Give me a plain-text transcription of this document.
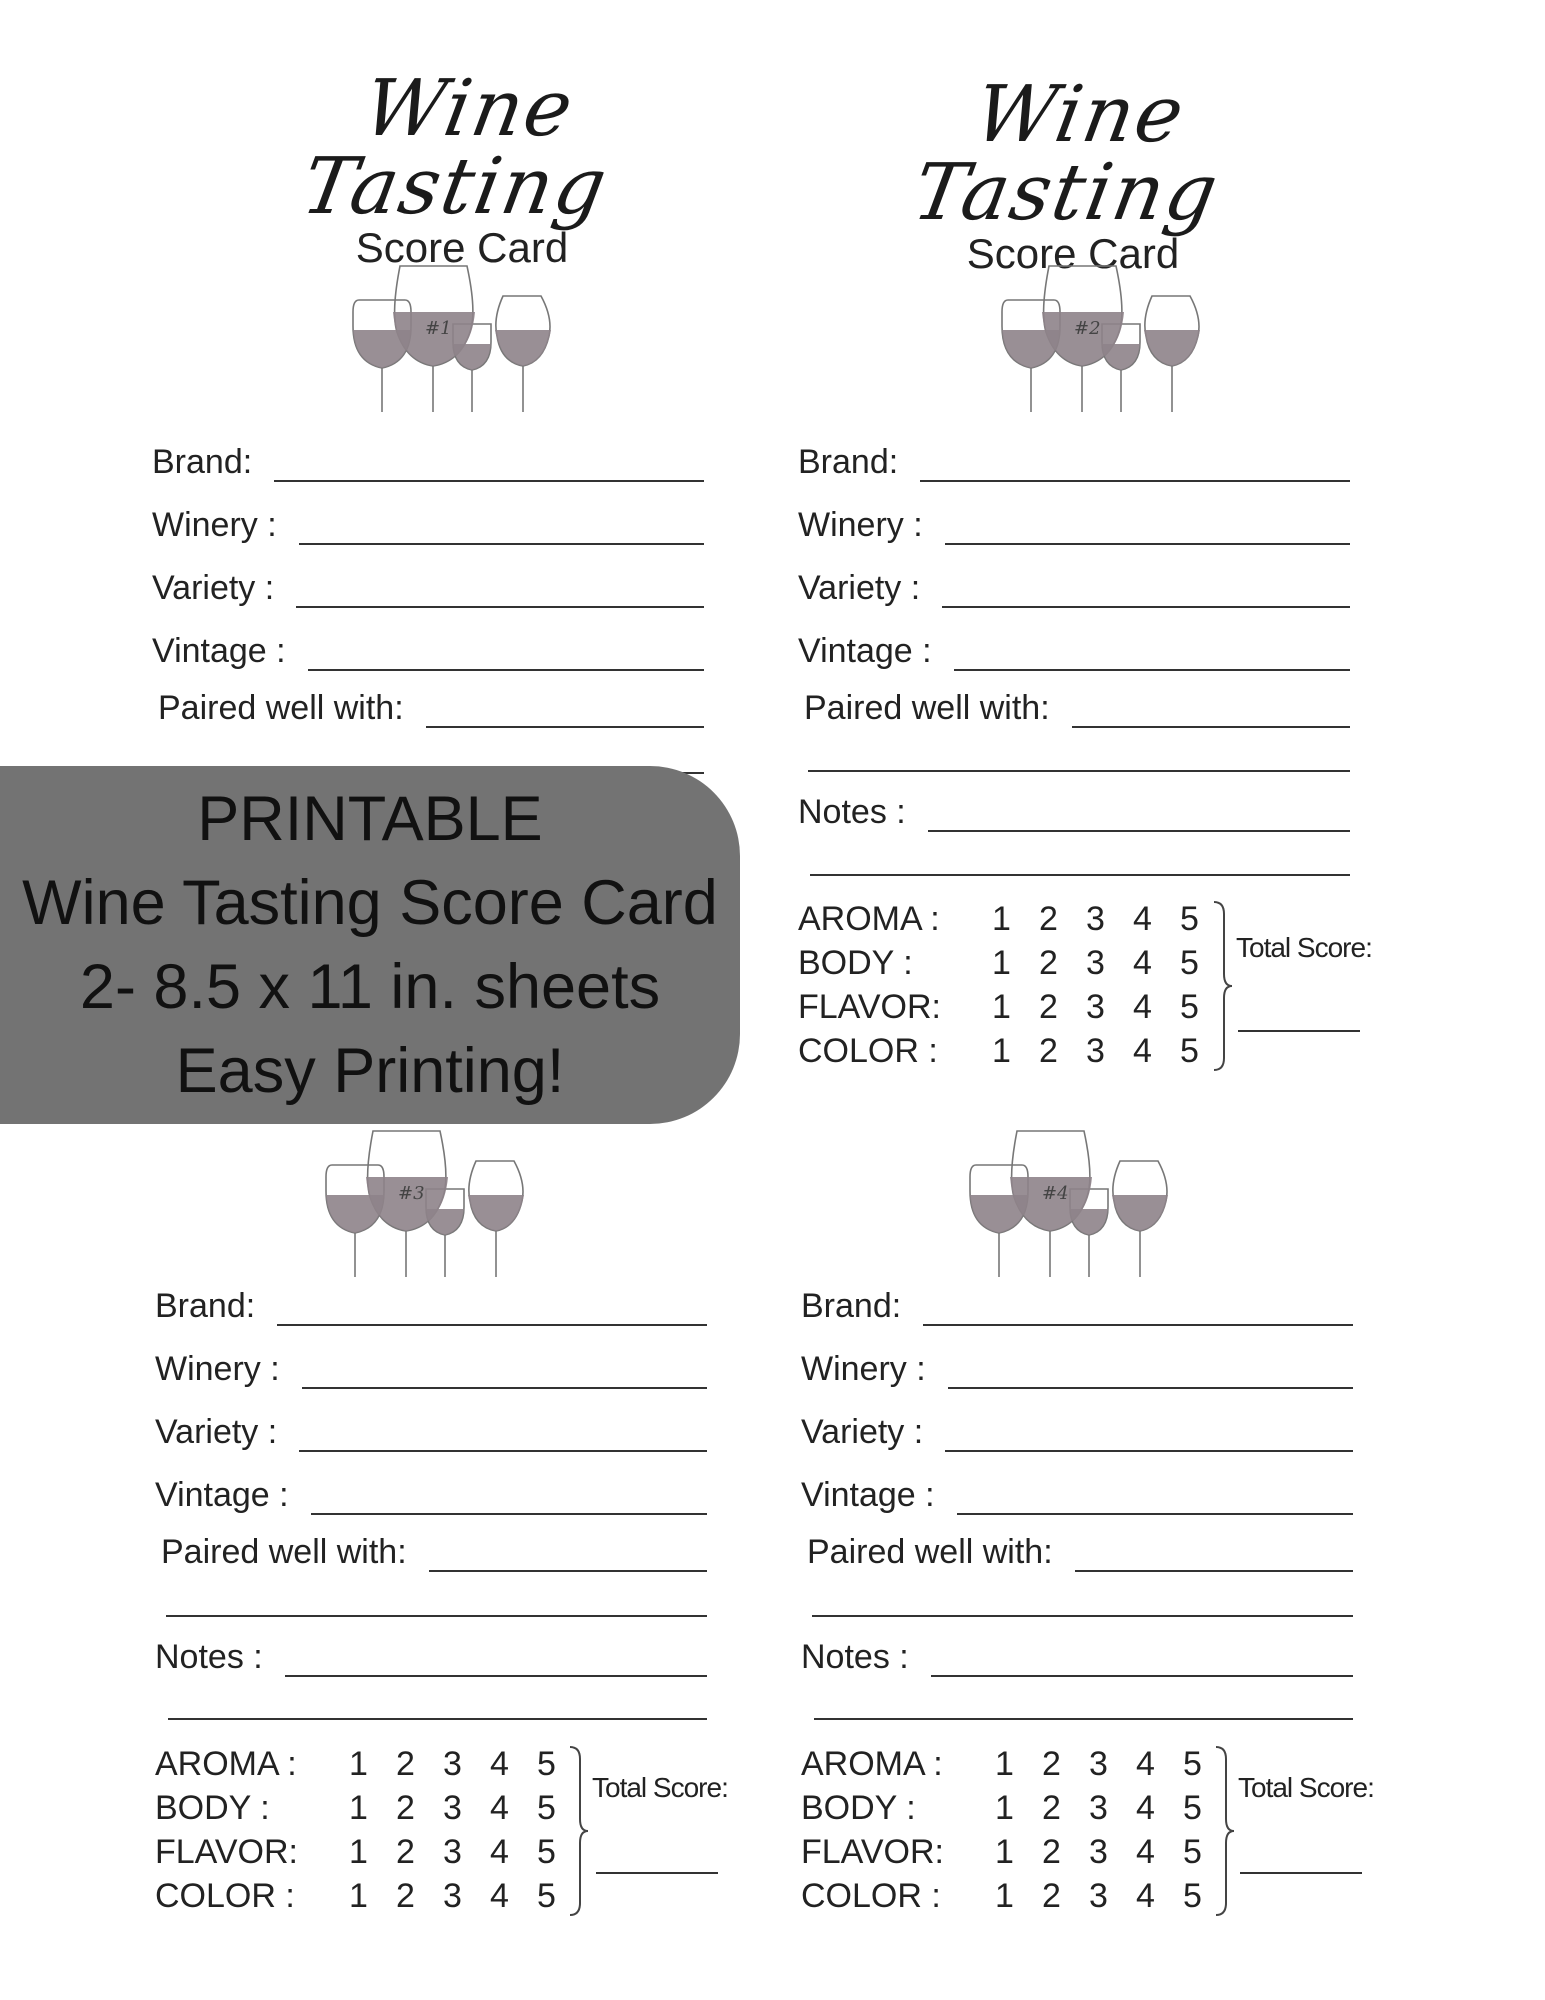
Wine Tasting
Score Card
#1
Brand:
Winery :
Variety :
Vintage :
Paired well with:
Wine Tasting
Score Card
#2
Brand:
Winery :
Variety :
Vintage :
Paired well with:
Notes :
AROMA :	1 2 3 4 5
BODY :	1 2 3 4 5
FLAVOR:	1 2 3 4 5
COLOR :	1 2 3 4 5
Total Score:
PRINTABLE
Wine Tasting Score Card
2- 8.5 x 11 in. sheets
Easy Printing!
#3
Brand:
Winery :
Variety :
Vintage :
Paired well with:
Notes :
AROMA :	1 2 3 4 5
BODY :	1 2 3 4 5
FLAVOR:	1 2 3 4 5
COLOR :	1 2 3 4 5
Total Score:
#4
Brand:
Winery :
Variety :
Vintage :
Paired well with:
Notes :
AROMA :	1 2 3 4 5
BODY :	1 2 3 4 5
FLAVOR:	1 2 3 4 5
COLOR :	1 2 3 4 5
Total Score:
